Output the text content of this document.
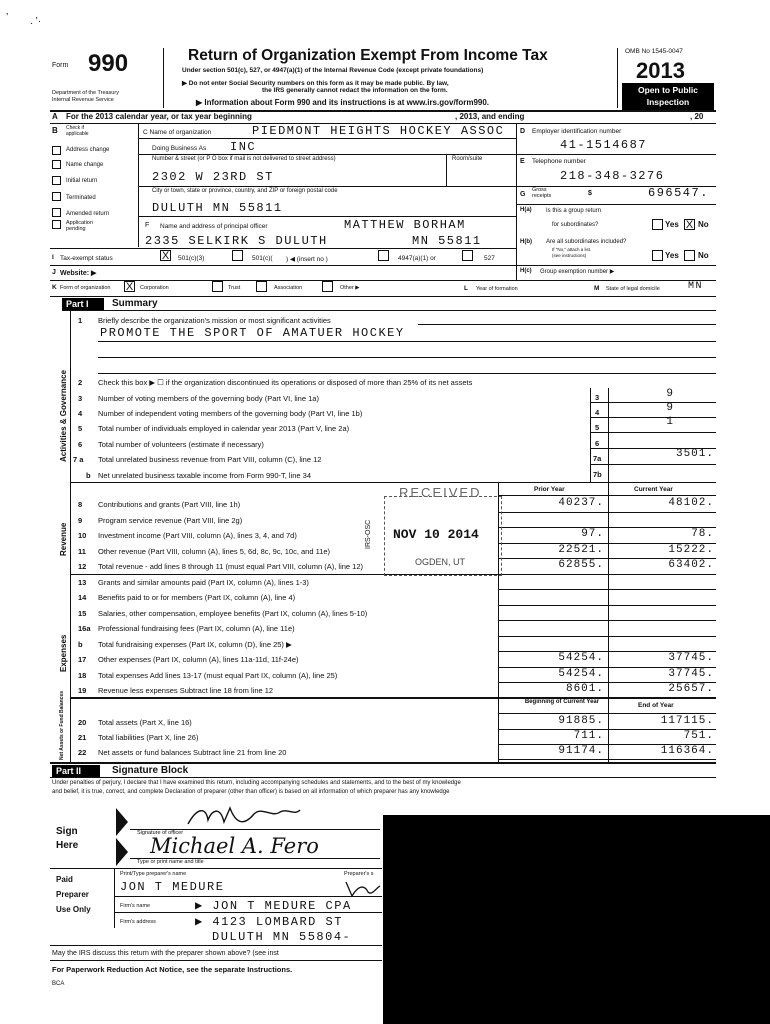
’ . ’·
Form 990
Department of the Treasury
Internal Revenue Service
Return of Organization Exempt From Income Tax
Under section 501(c), 527, or 4947(a)(1) of the Internal Revenue Code (except private foundations)
▶ Do not enter Social Security numbers on this form as it may be made public. By law,
the IRS generally cannot redact the information on the form.
▶ Information about Form 990 and its instructions is at www.irs.gov/form990.
OMB No 1545-0047
2013
Open to Public
Inspection
A For the 2013 calendar year, or tax year beginning	, 2013, and ending	, 20
B Check if applicable
Address change
Name change
Initial return
Terminated
Amended return
Application pending
C Name of organization	PIEDMONT HEIGHTS HOCKEY ASSOC
Doing Business As INC
Number & street (or P O box if mail is not delivered to street address)	Room/suite
2302 W 23RD ST
City or town, state or province, country, and ZIP or foreign postal code
DULUTH MN 55811
F Name and address of principal officer	MATTHEW BORHAM
2335 SELKIRK S DULUTH	MN 55811
D Employer identification number
41-1514687
E Telephone number
218-348-3276
G
Gross receipts	$	696547.
H(a) Is this a group return
for subordinates?	Yes X No
H(b) Are all subordinates included?
If "No," attach a list.
(see instructions)	Yes No
H(c) Group exemption number ▶
I Tax-exempt status	X 501(c)(3)	501(c)( ) ◀ (insert no )	4947(a)(1) or	527
J Website: ▶
K Form of organization X	Corporation	Trust	Association	Other ▶	L Year of formation	M State of legal domicile	MN
Part I	Summary
Activities & Governance
Revenue
Expenses
Net Assets or Fund Balances
1 Briefly describe the organization's mission or most significant activities
PROMOTE THE SPORT OF AMATUER HOCKEY
2 Check this box ▶ ☐ if the organization discontinued its operations or disposed of more than 25% of its net assets
3 Number of voting members of the governing body (Part VI, line 1a)	3	9
4 Number of independent voting members of the governing body (Part VI, line 1b)	4	9
5 Total number of individuals employed in calendar year 2013 (Part V, line 2a)	5	1
6 Total number of volunteers (estimate if necessary)	6
7 a Total unrelated business revenue from Part VIII, column (C), line 12	7a	3501.
b Net unrelated business taxable income from Form 990-T, line 34	7b
Prior Year	Current Year
8 Contributions and grants (Part VIII, line 1h)	40237.	48102.
9 Program service revenue (Part VIII, line 2g)
10 Investment income (Part VIII, column (A), lines 3, 4, and 7d)	97.	78.
11 Other revenue (Part VIII, column (A), lines 5, 6d, 8c, 9c, 10c, and 11e)	22521.	15222.
12 Total revenue - add lines 8 through 11 (must equal Part VIII, column (A), line 12)	62855.	63402.
13 Grants and similar amounts paid (Part IX, column (A), lines 1-3)
14 Benefits paid to or for members (Part IX, column (A), line 4)
15 Salaries, other compensation, employee benefits (Part IX, column (A), lines 5-10)
16a Professional fundraising fees (Part IX, column (A), line 11e)
b Total fundraising expenses (Part IX, column (D), line 25) ▶
17 Other expenses (Part IX, column (A), lines 11a-11d, 11f-24e)	54254.	37745.
18 Total expenses Add lines 13-17 (must equal Part IX, column (A), line 25)	54254.	37745.
19 Revenue less expenses Subtract line 18 from line 12	8601.	25657.
Beginning of Current Year	End of Year
20 Total assets (Part X, line 16)	91885.	117115.
21 Total liabilities (Part X, line 26)	711.	751.
22 Net assets or fund balances Subtract line 21 from line 20	91174.	116364.
RECEIVED
NOV 10 2014
OGDEN, UT
IRS-OSC
Part II	Signature Block
Under penalties of perjury, I declare that I have examined this return, including accompanying schedules and statements, and to the best of my knowledge
and belief, it is true, correct, and complete Declaration of preparer (other than officer) is based on all information of which preparer has any knowledge
Sign
Here
Signature of officer
Michael A. Fero
Type or print name and title
Paid
Preparer
Use Only
Print/Type preparer's name	Preparer's s
JON T MEDURE
Firm's name	▶ JON T MEDURE CPA
Firm's address	▶ 4123 LOMBARD ST
DULUTH MN 55804-
May the IRS discuss this return with the preparer shown above? (see inst
For Paperwork Reduction Act Notice, see the separate Instructions.
BCA
